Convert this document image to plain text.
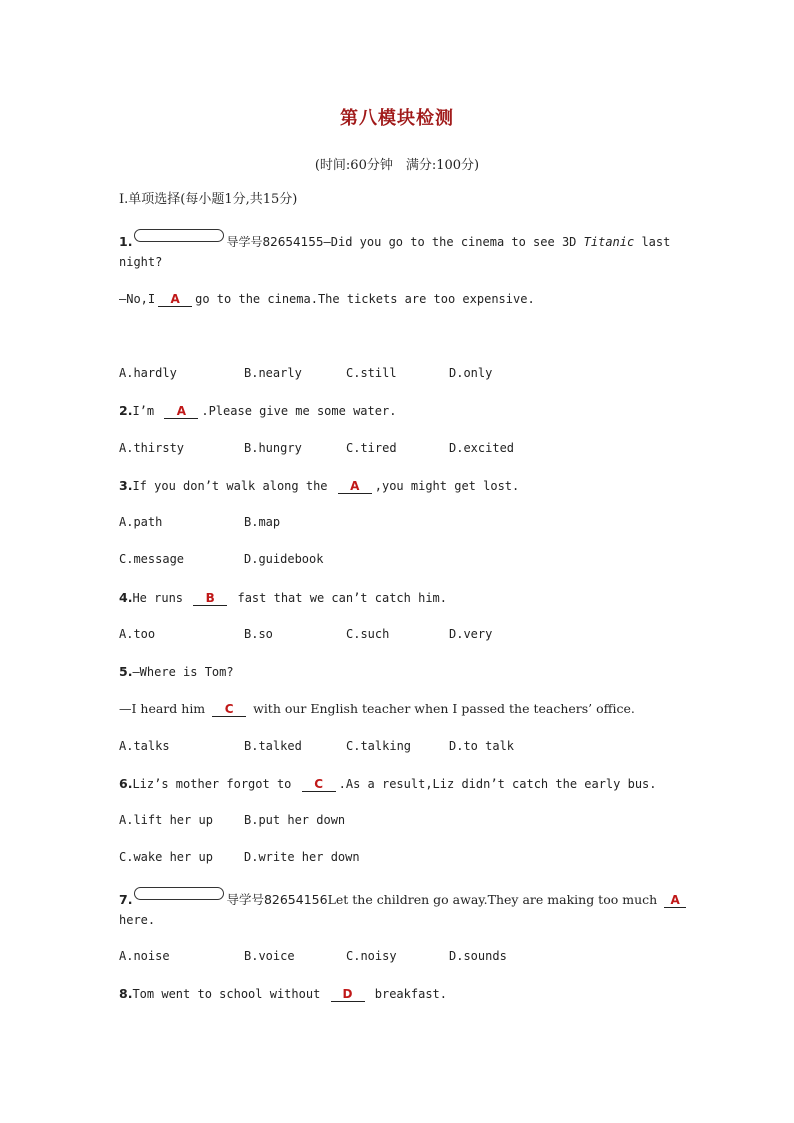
第八模块检测
(时间:60分钟　满分:100分)
Ⅰ.单项选择(每小题1分,共15分)
1.	导学号82654155—Did you go to the cinema to see 3D Titanic last
night?
—No,I A go to the cinema.The tickets are too expensive.
A.hardly	B.nearly	C.still	D.only
2.I’m A .Please give me some water.
A.thirsty	B.hungry	C.tired	D.excited
3.If you don’t walk along the A ,you might get lost.
A.path	B.map
C.message	D.guidebook
4.He runs B fast that we can’t catch him.
A.too	B.so	C.such	D.very
5.—Where is Tom?
—I heard him C with our English teacher when I passed the teachers’ office.
A.talks	B.talked	C.talking	D.to talk
6.Liz’s mother forgot to C .As a result,Liz didn’t catch the early bus.
A.lift her up	B.put her down
C.wake her up	D.write her down
7.	导学号82654156Let the children go away.They are making too much A
here.
A.noise	B.voice	C.noisy	D.sounds
8.Tom went to school without D breakfast.
